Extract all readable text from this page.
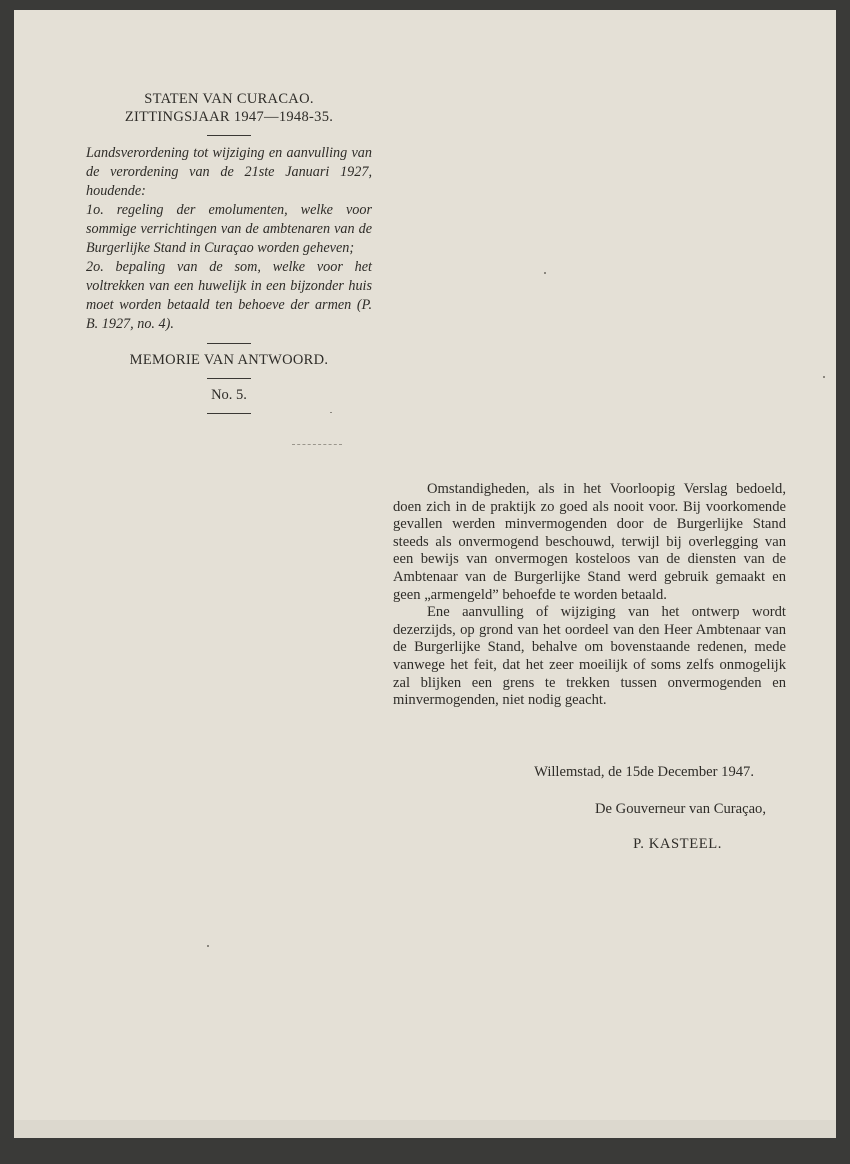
STATEN VAN CURACAO.
ZITTINGSJAAR 1947—1948-35.

Landsverordening tot wijziging en aanvulling van de verordening van de 21ste Januari 1927, houdende:

1o. regeling der emolumenten, welke voor sommige verrichtingen van de ambtenaren van de Burgerlijke Stand in Curaçao worden geheven;

2o. bepaling van de som, welke voor het voltrekken van een huwelijk in een bijzonder huis moet worden betaald ten behoeve der armen (P. B. 1927, no. 4).

MEMORIE VAN ANTWOORD.
No. 5.

Omstandigheden, als in het Voorloopig Verslag bedoeld, doen zich in de praktijk zo goed als nooit voor. Bij voorkomende gevallen werden minvermogenden door de Burgerlijke Stand steeds als onvermogend beschouwd, terwijl bij overlegging van een bewijs van onvermogen kosteloos van de diensten van de Ambtenaar van de Burgerlijke Stand werd gebruik gemaakt en geen „armengeld” behoefde te worden betaald.

Ene aanvulling of wijziging van het ontwerp wordt dezerzijds, op grond van het oordeel van den Heer Ambtenaar van de Burgerlijke Stand, behalve om bovenstaande redenen, mede vanwege het feit, dat het zeer moeilijk of soms zelfs onmogelijk zal blijken een grens te trekken tussen onvermogenden en minvermogenden, niet nodig geacht.

Willemstad, de 15de December 1947.
De Gouverneur van Curaçao,
P. KASTEEL.
